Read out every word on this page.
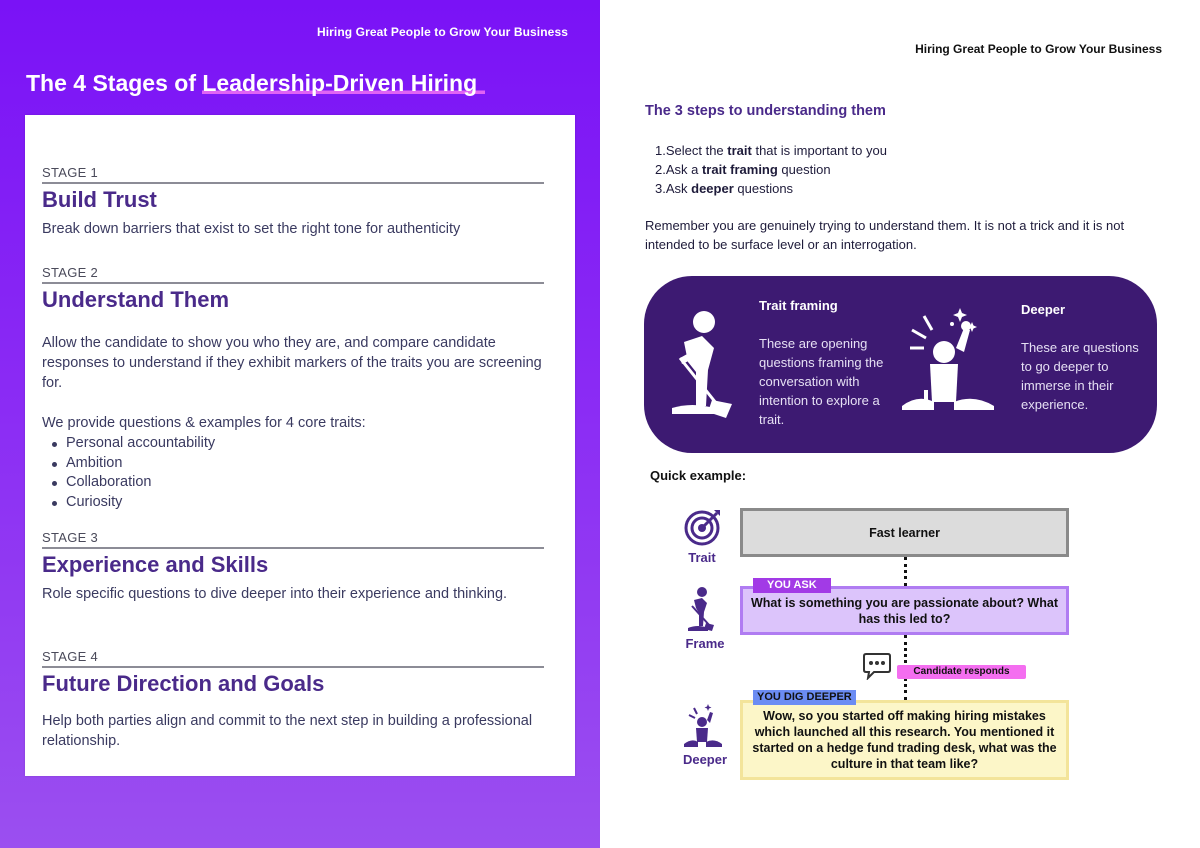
Hiring Great People to Grow Your Business
The 4 Stages of Leadership-Driven Hiring
STAGE 1
Build Trust
Break down barriers that exist to set the right tone for authenticity
STAGE 2
Understand Them
Allow the candidate to show you who they are, and compare candidate responses to understand if they exhibit markers of the traits you are screening for.
We provide questions & examples for 4 core traits:
Personal accountability
Ambition
Collaboration
Curiosity
STAGE 3
Experience and Skills
Role specific questions to dive deeper into their experience and thinking.
STAGE 4
Future Direction and Goals
Help both parties align and commit to the next step in building a professional relationship.
Hiring Great People to Grow Your Business
The 3 steps to understanding them
1.Select the trait that is important to you
2.Ask a trait framing question
3.Ask deeper questions
Remember you are genuinely trying to understand them. It is not a trick and it is not intended to be surface level or an interrogation.
Trait framing
These are opening questions framing the conversation with intention to explore a trait.
Deeper
These are questions to go deeper to immerse in their experience.
Quick example:
Trait
Frame
Deeper
Fast learner
What is something you are passionate about? What has this led to?
YOU ASK
Candidate responds
Wow, so you started off making hiring mistakes which launched all this research. You mentioned it started on a hedge fund trading desk, what was the culture in that team like?
YOU DIG DEEPER
